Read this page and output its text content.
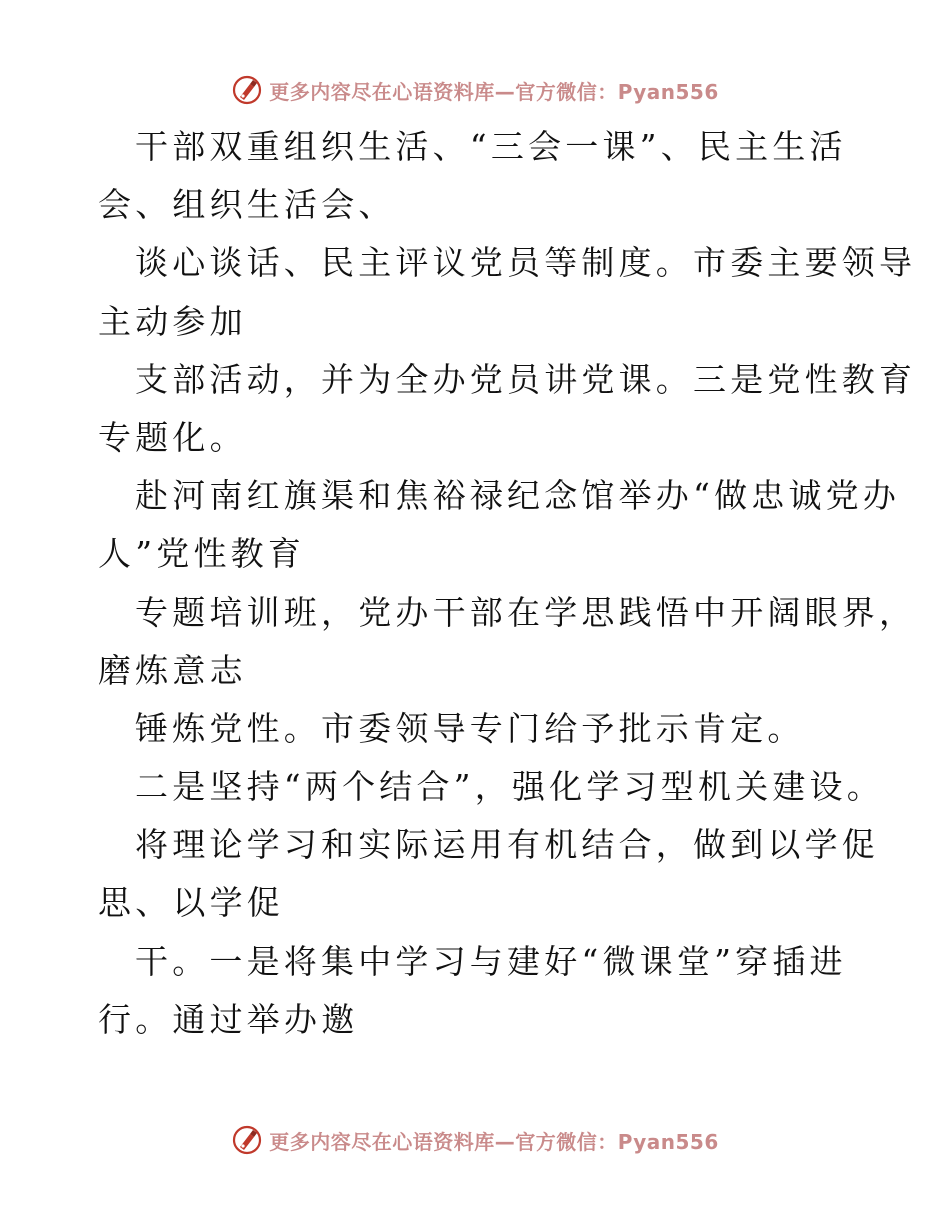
更多内容尽在心语资料库—官方微信：Pyan556
干部双重组织生活、“三会一课”、民主生活
会、组织生活会、
谈心谈话、民主评议党员等制度。市委主要领导
主动参加
支部活动，并为全办党员讲党课。三是党性教育
专题化。
赴河南红旗渠和焦裕禄纪念馆举办“做忠诚党办
人”党性教育
专题培训班，党办干部在学思践悟中开阔眼界，
磨炼意志
锤炼党性。市委领导专门给予批示肯定。
二是坚持“两个结合”，强化学习型机关建设。
将理论学习和实际运用有机结合，做到以学促
思、以学促
干。一是将集中学习与建好“微课堂”穿插进
行。通过举办邀
更多内容尽在心语资料库—官方微信：Pyan556
